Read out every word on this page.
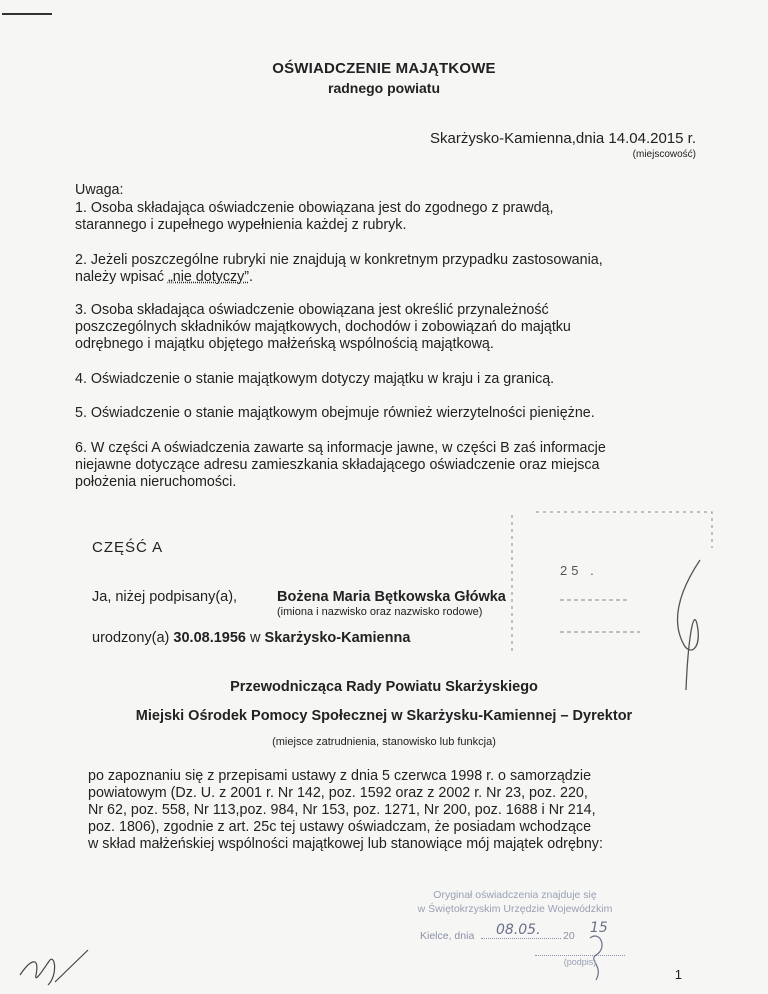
OŚWIADCZENIE MAJĄTKOWE
radnego powiatu
Skarżysko-Kamienna,dnia 14.04.2015 r.
(miejscowość)
Uwaga:
1. Osoba składająca oświadczenie obowiązana jest do zgodnego z prawdą,
starannego i zupełnego wypełnienia każdej z rubryk.
2. Jeżeli poszczególne rubryki nie znajdują w konkretnym przypadku zastosowania,
należy wpisać „nie dotyczy”.
3. Osoba składająca oświadczenie obowiązana jest określić przynależność
poszczególnych składników majątkowych, dochodów i zobowiązań do majątku
odrębnego i majątku objętego małżeńską wspólnością majątkową.
4. Oświadczenie o stanie majątkowym dotyczy majątku w kraju i za granicą.
5. Oświadczenie o stanie majątkowym obejmuje również wierzytelności pieniężne.
6. W części A oświadczenia zawarte są informacje jawne, w części B zaś informacje
niejawne dotyczące adresu zamieszkania składającego oświadczenie oraz miejsca
położenia nieruchomości.
25 .
CZĘŚĆ A
Ja, niżej podpisany(a),	Bożena Maria Bętkowska Główka
(imiona i nazwisko oraz nazwisko rodowe)
urodzony(a) 30.08.1956 w Skarżysko-Kamienna
Przewodnicząca Rady Powiatu Skarżyskiego
Miejski Ośrodek Pomocy Społecznej w Skarżysku-Kamiennej – Dyrektor
(miejsce zatrudnienia, stanowisko lub funkcja)
po zapoznaniu się z przepisami ustawy z dnia 5 czerwca 1998 r. o samorządzie
powiatowym (Dz. U. z 2001 r. Nr 142, poz. 1592 oraz z 2002 r. Nr 23, poz. 220,
Nr 62, poz. 558, Nr 113,poz. 984, Nr 153, poz. 1271, Nr 200, poz. 1688 i Nr 214,
poz. 1806), zgodnie z art. 25c tej ustawy oświadczam, że posiadam wchodzące
w skład małżeńskiej wspólności majątkowej lub stanowiące mój majątek odrębny:
Oryginał oświadczenia znajduje się
w Świętokrzyskim Urzędzie Wojewódzkim
Kielce, dnia 08.05. 20 15
(podpis)
1
